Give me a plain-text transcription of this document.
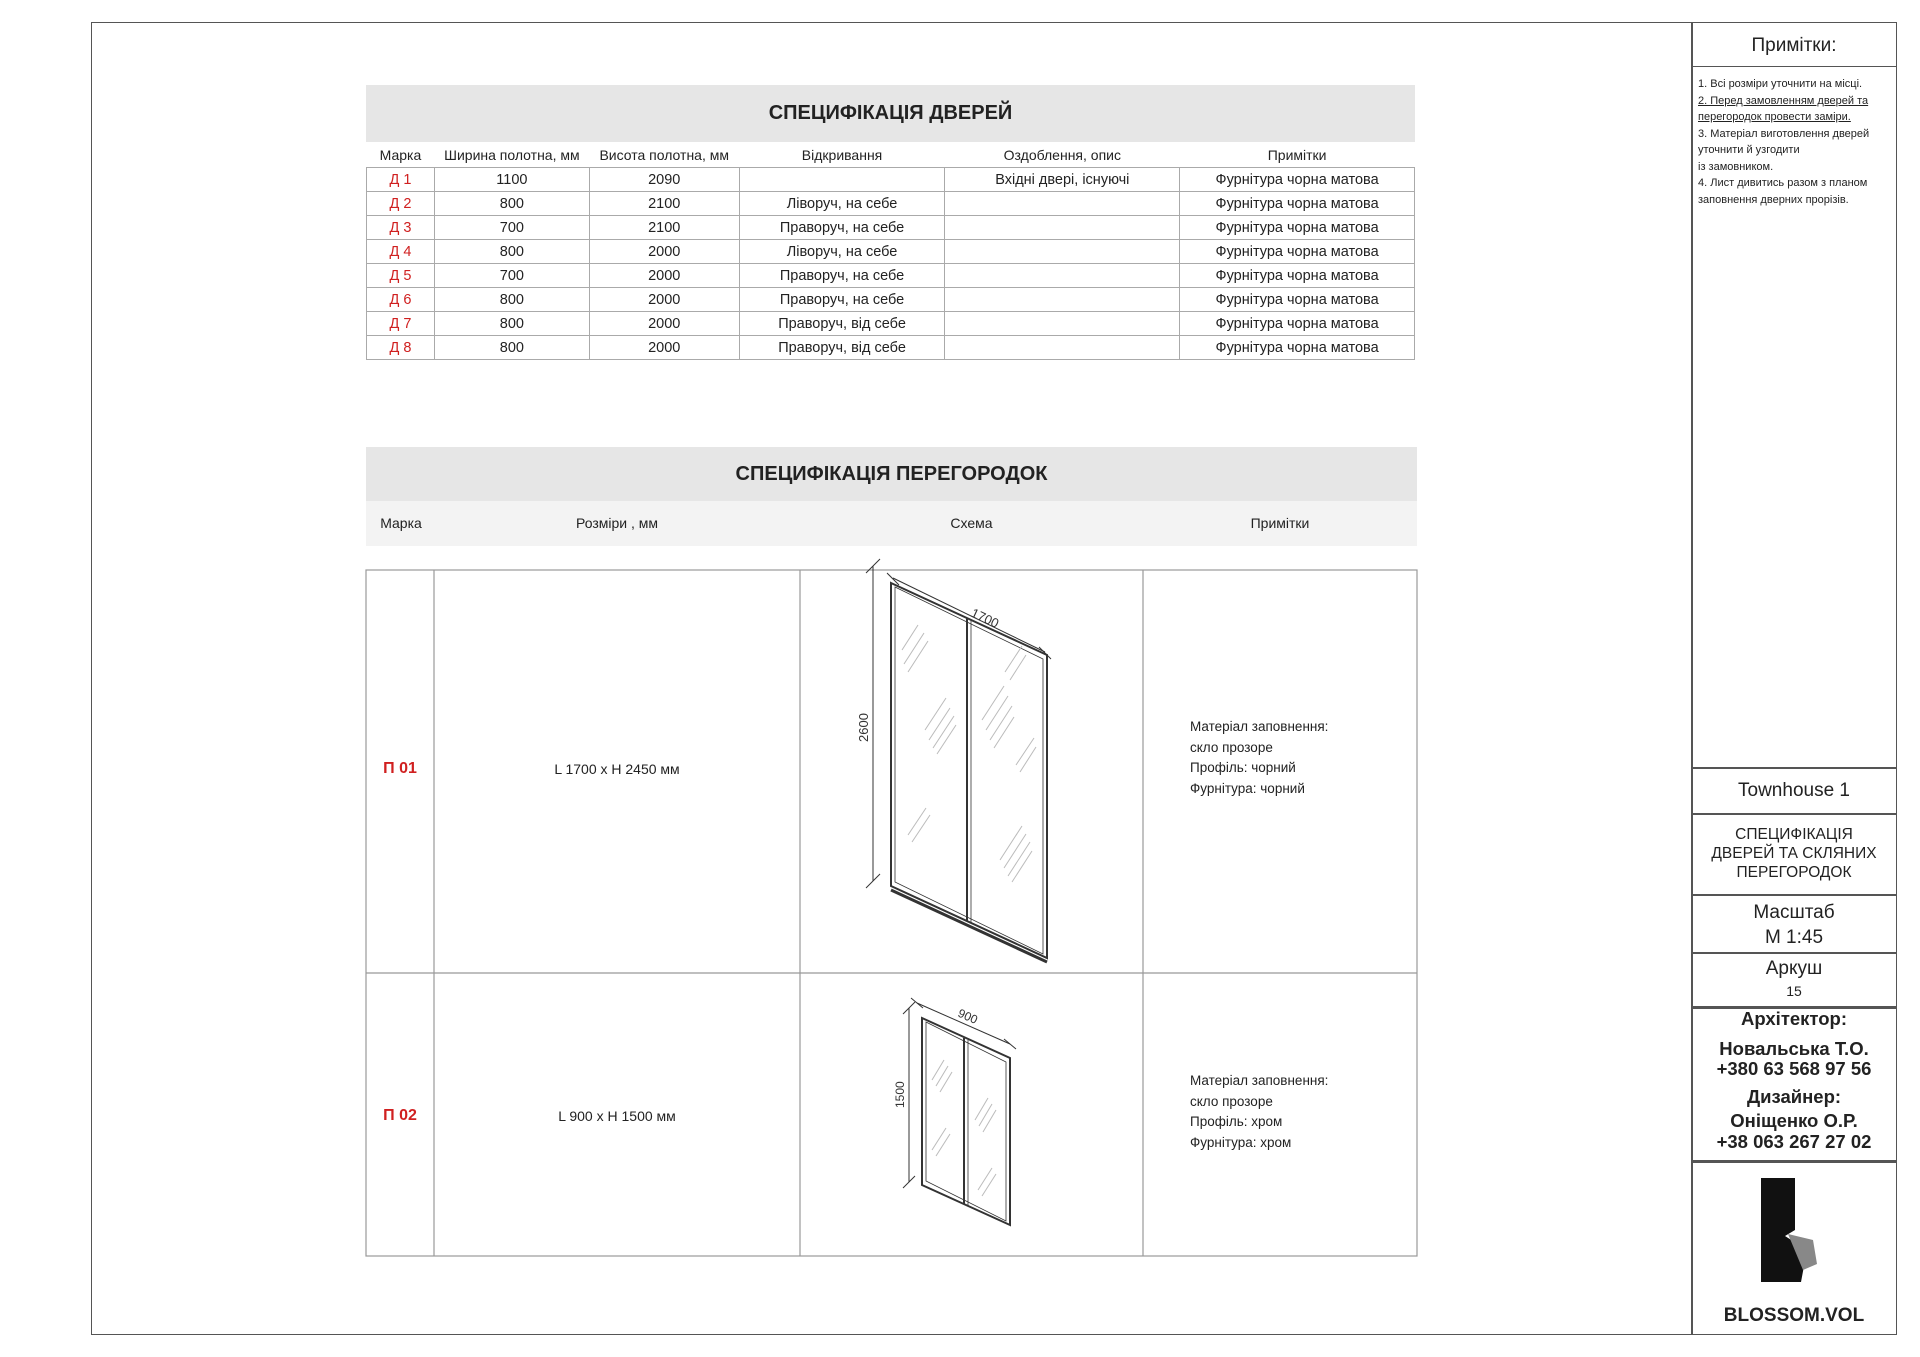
СПЕЦИФІКАЦІЯ ДВЕРЕЙ
Марка	Ширина полотна, мм	Висота полотна, мм	Відкривання	Оздоблення, опис	Примітки
Д 1	1100	2090		Вхідні двері, існуючі	Фурнітура чорна матова
Д 2	800	2100	Ліворуч, на себе		Фурнітура чорна матова
Д 3	700	2100	Праворуч, на себе		Фурнітура чорна матова
Д 4	800	2000	Ліворуч, на себе		Фурнітура чорна матова
Д 5	700	2000	Праворуч, на себе		Фурнітура чорна матова
Д 6	800	2000	Праворуч, на себе		Фурнітура чорна матова
Д 7	800	2000	Праворуч, від себе		Фурнітура чорна матова
Д 8	800	2000	Праворуч, від себе		Фурнітура чорна матова
СПЕЦИФІКАЦІЯ ПЕРЕГОРОДОК
Марка	Розміри , мм	Схема	Примітки
П 01	L 1700 x H 2450 мм
Матеріал заповнення:
скло прозоре
Профіль: чорний
Фурнітура: чорний
П 02	L 900 x H 1500 мм
Матеріал заповнення:
скло прозоре
Профіль: хром
Фурнітура: хром
1700
2600
900
1500
Примітки:
1. Всі розміри уточнити на місці.
2. Перед замовленням дверей та
перегородок провести заміри.
3. Матеріал виготовлення дверей
уточнити й узгодити
із замовником.
4. Лист дивитись разом з планом
заповнення дверних прорізів.
Townhouse 1
СПЕЦИФІКАЦІЯ
ДВЕРЕЙ ТА СКЛЯНИХ
ПЕРЕГОРОДОК
Масштаб
М 1:45
Аркуш
15
Архітектор:
Новальська Т.О.
+380 63 568 97 56
Дизайнер:
Оніщенко О.Р.
+38 063 267 27 02
BLOSSOM.VOL
